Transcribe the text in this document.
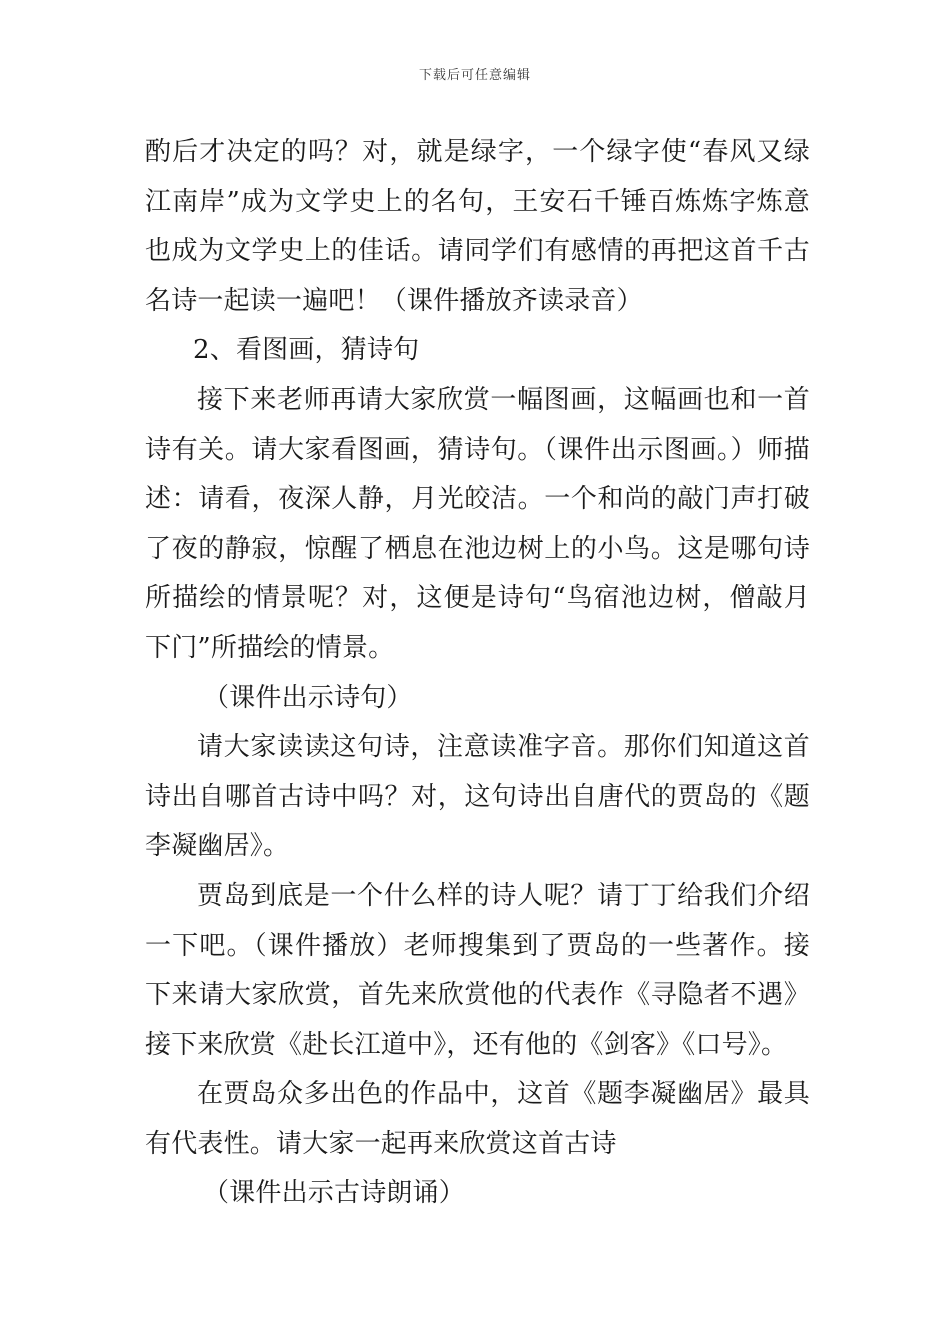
下载后可任意编辑

酌后才决定的吗？对，就是绿字，一个绿字使“春风又绿江南岸”成为文学史上的名句，王安石千锤百炼炼字炼意也成为文学史上的佳话。请同学们有感情的再把这首千古名诗一起读一遍吧！（课件播放齐读录音）

2、看图画，猜诗句

接下来老师再请大家欣赏一幅图画，这幅画也和一首诗有关。请大家看图画，猜诗句。（课件出示图画。）师描述：请看，夜深人静，月光皎洁。一个和尚的敲门声打破了夜的静寂，惊醒了栖息在池边树上的小鸟。这是哪句诗所描绘的情景呢？对，这便是诗句“鸟宿池边树，僧敲月下门”所描绘的情景。

（课件出示诗句）

请大家读读这句诗，注意读准字音。那你们知道这首诗出自哪首古诗中吗？对，这句诗出自唐代的贾岛的《题李凝幽居》。

贾岛到底是一个什么样的诗人呢？请丁丁给我们介绍一下吧。（课件播放）老师搜集到了贾岛的一些著作。接下来请大家欣赏，首先来欣赏他的代表作《寻隐者不遇》接下来欣赏《赴长江道中》，还有他的《剑客》《口号》。

在贾岛众多出色的作品中，这首《题李凝幽居》最具有代表性。请大家一起再来欣赏这首古诗

（课件出示古诗朗诵）
